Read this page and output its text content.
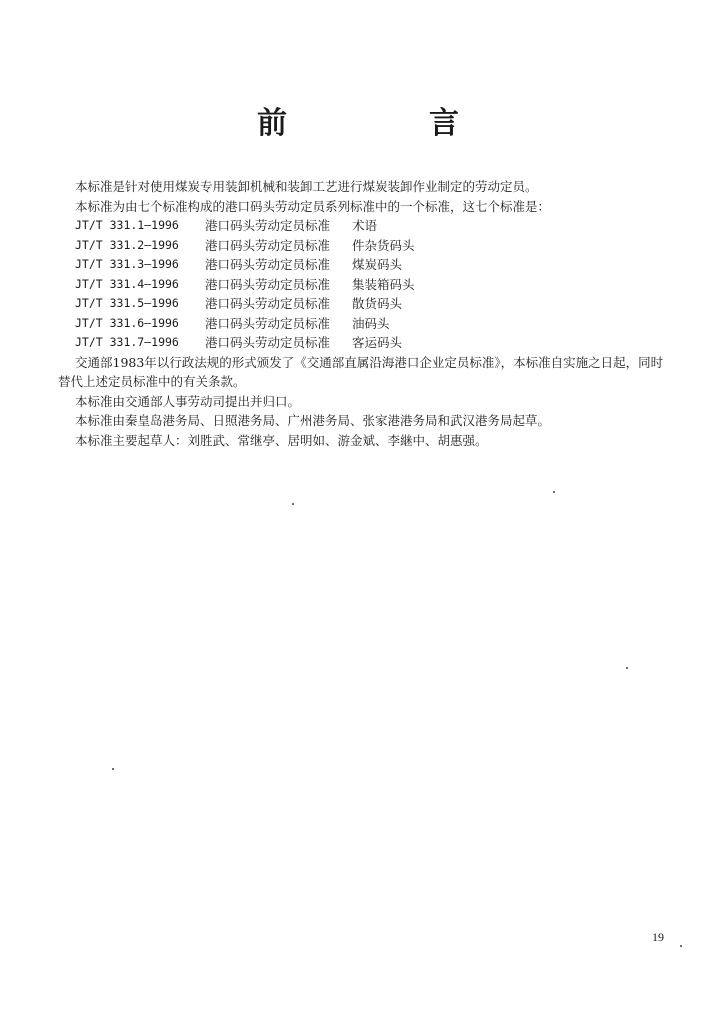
前　言

本标准是针对使用煤炭专用装卸机械和装卸工艺进行煤炭装卸作业制定的劳动定员。

本标准为由七个标准构成的港口码头劳动定员系列标准中的一个标准，这七个标准是：

JT/T 331.1—1996	港口码头劳动定员标准	术语
JT/T 331.2—1996	港口码头劳动定员标准	件杂货码头
JT/T 331.3—1996	港口码头劳动定员标准	煤炭码头
JT/T 331.4—1996	港口码头劳动定员标准	集装箱码头
JT/T 331.5—1996	港口码头劳动定员标准	散货码头
JT/T 331.6—1996	港口码头劳动定员标准	油码头
JT/T 331.7—1996	港口码头劳动定员标准	客运码头

交通部1983年以行政法规的形式颁发了《交通部直属沿海港口企业定员标准》，本标准自实施之日起，同时替代上述定员标准中的有关条款。

本标准由交通部人事劳动司提出并归口。

本标准由秦皇岛港务局、日照港务局、广州港务局、张家港港务局和武汉港务局起草。

本标准主要起草人：刘胜武、常继亭、居明如、游金斌、李継中、胡惠强。

19
